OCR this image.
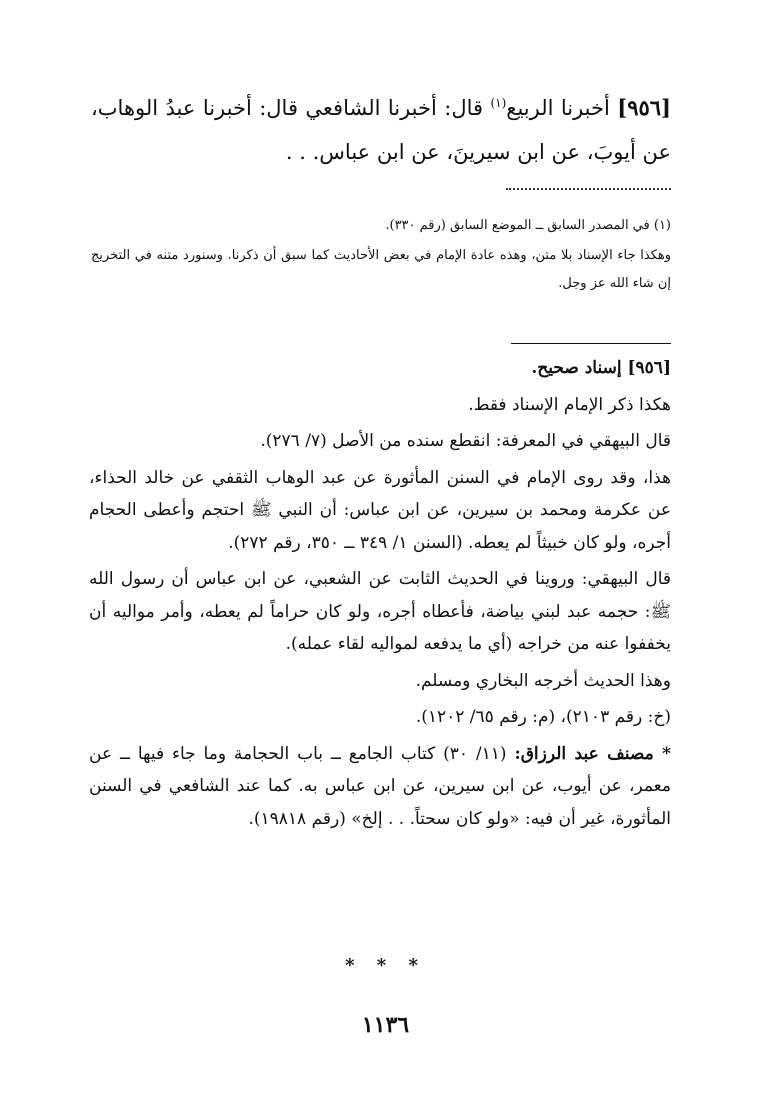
[٩٥٦] أخبرنا الربيع$^{(١)}$ قال: أخبرنا الشافعي قال: أخبرنا عبدُ الوهاب، عن أيوبَ، عن ابن سيرينَ، عن ابن عباس. . .
(١) في المصدر السابق ــ الموضع السابق (رقم ٣٣٠).
وهكذا جاء الإسناد بلا متن، وهذه عادة الإمام في بعض الأحاديث كما سبق أن ذكرنا. وسنورد متنه في التخريج إن شاء الله عز وجل.

[٩٥٦] إسناد صحيح.

هكذا ذكر الإمام الإسناد فقط.

قال البيهقي في المعرفة: انقطع سنده من الأصل (٧/ ٢٧٦).

هذا، وقد روى الإمام في السنن المأثورة عن عبد الوهاب الثقفي عن خالد الحذاء، عن عكرمة ومحمد بن سيرين، عن ابن عباس: أن النبي ﷺ احتجم وأعطى الحجام أجره، ولو كان خبيثاً لم يعطه. (السنن ١/ ٣٤٩ ــ ٣٥٠، رقم ٢٧٢).

قال البيهقي: وروينا في الحديث الثابت عن الشعبي، عن ابن عباس أن رسول الله ﷺ: حجمه عبد لبني بياضة، فأعطاه أجره، ولو كان حراماً لم يعطه، وأمر مواليه أن يخففوا عنه من خراجه (أي ما يدفعه لمواليه لقاء عمله).

وهذا الحديث أخرجه البخاري ومسلم.

(خ: رقم ٢١٠٣)، (م: رقم ٦٥/ ١٢٠٢).

* مصنف عبد الرزاق: (١١/ ٣٠) كتاب الجامع ــ باب الحجامة وما جاء فيها ــ عن معمر، عن أيوب، عن ابن سيرين، عن ابن عباس به. كما عند الشافعي في السنن المأثورة، غير أن فيه: «ولو كان سحتاً. . . إلخ» (رقم ١٩٨١٨).

* * *
١١٣٦
